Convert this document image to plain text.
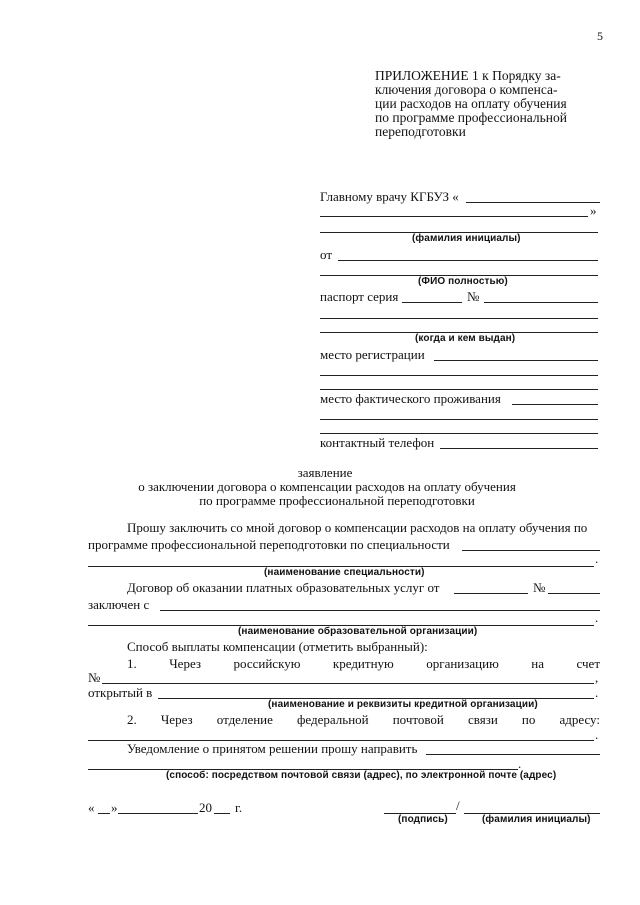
5
ПРИЛОЖЕНИЕ 1 к Порядку за-
ключения договора о компенса-
ции расходов на оплату обучения
по программе профессиональной
переподготовки
Главному врачу КГБУЗ «
»
(фамилия инициалы)
от
(ФИО полностью)
паспорт серия	№
(когда и кем выдан)
место регистрации
место фактического проживания
контактный телефон
заявление
о заключении договора о компенсации расходов на оплату обучения
по программе профессиональной переподготовки
Прошу заключить со мной договор о компенсации расходов на оплату обучения по
программе профессиональной переподготовки по специальности
.
(наименование специальности)
Договор об оказании платных образовательных услуг от	№
заключен с
.
(наименование образовательной организации)
Способ выплаты компенсации (отметить выбранный):
1. Через российскую кредитную организацию на счет
№	,
открытый в	.
(наименование и реквизиты кредитной организации)
2. Через отделение федеральной почтовой связи по адресу:
.
Уведомление о принятом решении прошу направить
.
(способ: посредством почтовой связи (адрес), по электронной почте (адрес)
« »	20 г.	/
(подпись)	(фамилия инициалы)
